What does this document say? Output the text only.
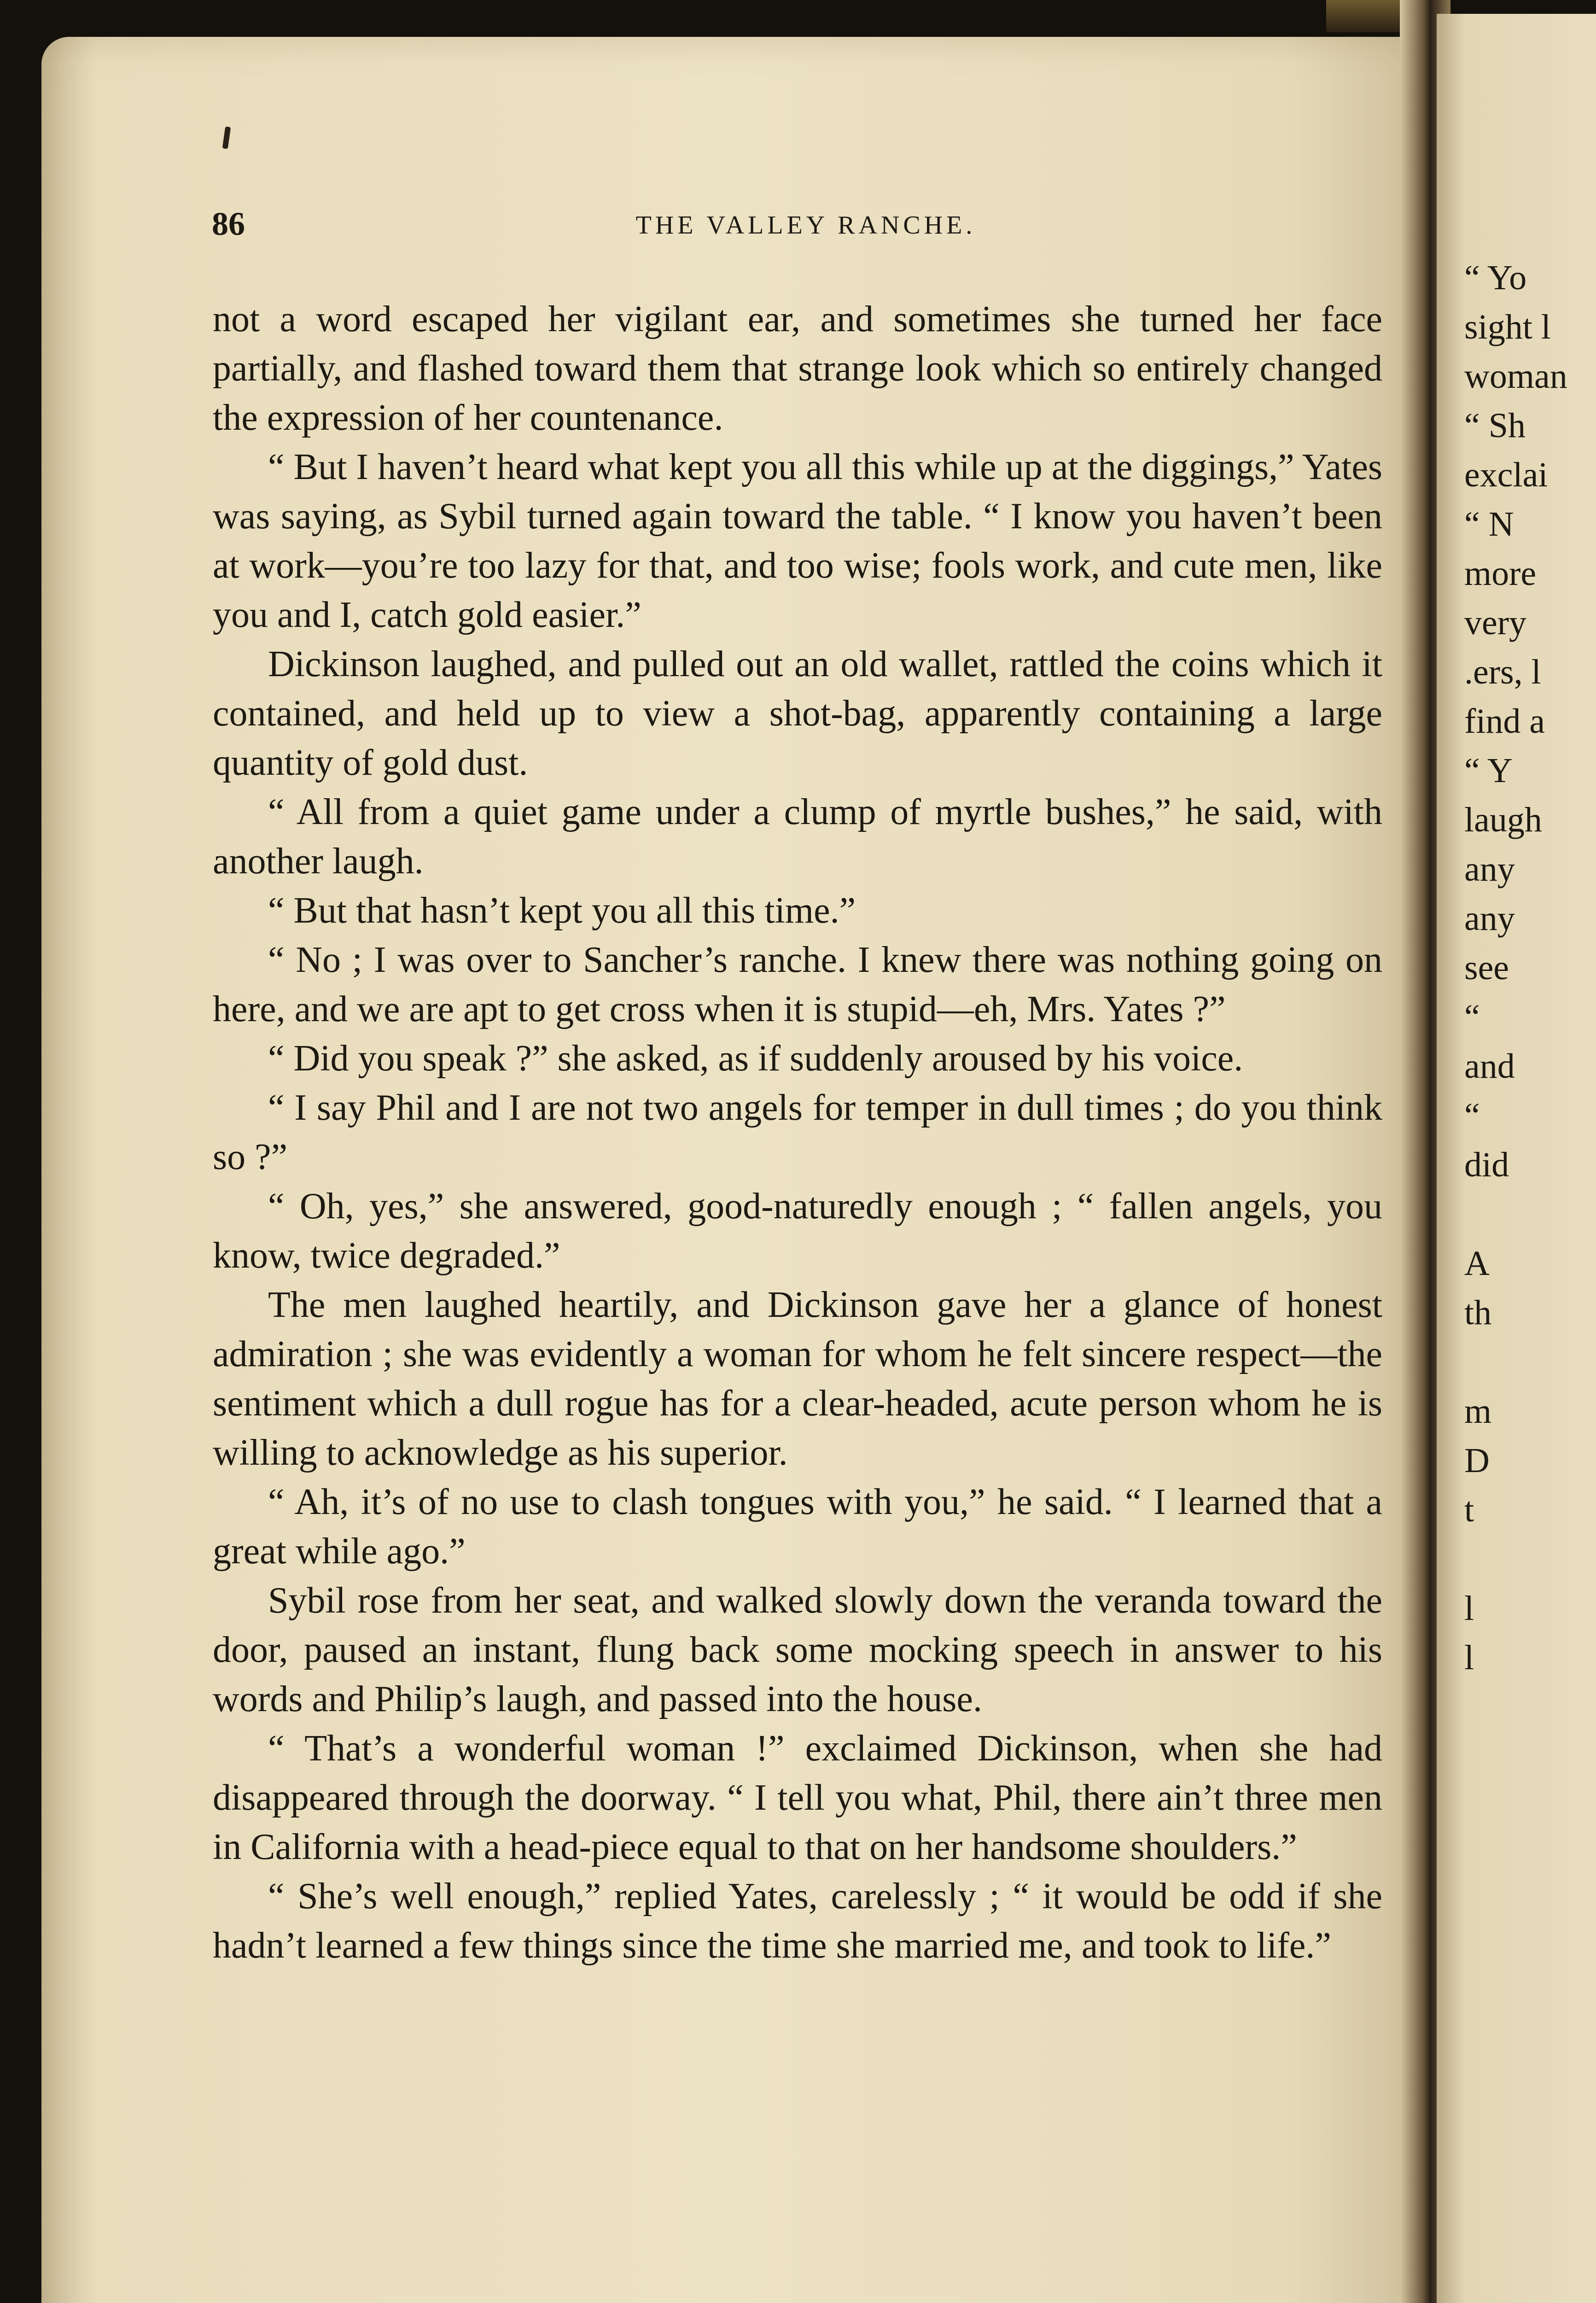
86	THE VALLEY RANCHE.

not a word escaped her vigilant ear, and sometimes she turned her face partially, and flashed toward them that strange look which so entirely changed the expression of her countenance.

“ But I haven’t heard what kept you all this while up at the diggings,” Yates was saying, as Sybil turned again toward the table. “ I know you haven’t been at work—you’re too lazy for that, and too wise; fools work, and cute men, like you and I, catch gold easier.”

Dickinson laughed, and pulled out an old wallet, rattled the coins which it contained, and held up to view a shot-bag, apparently containing a large quantity of gold dust.

“ All from a quiet game under a clump of myrtle bushes,” he said, with another laugh.

“ But that hasn’t kept you all this time.”

“ No ; I was over to Sancher’s ranche. I knew there was nothing going on here, and we are apt to get cross when it is stupid—eh, Mrs. Yates ?”

“ Did you speak ?” she asked, as if suddenly aroused by his voice.

“ I say Phil and I are not two angels for temper in dull times ; do you think so ?”

“ Oh, yes,” she answered, good-naturedly enough ; “ fallen angels, you know, twice degraded.”

The men laughed heartily, and Dickinson gave her a glance of honest admiration ; she was evidently a woman for whom he felt sincere respect—the sentiment which a dull rogue has for a clear-headed, acute person whom he is willing to acknowledge as his superior.

“ Ah, it’s of no use to clash tongues with you,” he said. “ I learned that a great while ago.”

Sybil rose from her seat, and walked slowly down the veranda toward the door, paused an instant, flung back some mocking speech in answer to his words and Philip’s laugh, and passed into the house.

“ That’s a wonderful woman !” exclaimed Dickinson, when she had disappeared through the doorway. “ I tell you what, Phil, there ain’t three men in California with a head-piece equal to that on her handsome shoulders.”

“ She’s well enough,” replied Yates, carelessly ; “ it would be odd if she hadn’t learned a few things since the time she married me, and took to life.”

“ Yo
sight l
woman
“ Sh
exclai
“ N
more
very
.ers, l
find a
“ Y
laugh
any
any
see
“
and
“
did
A
th
m
D
t
l
l
